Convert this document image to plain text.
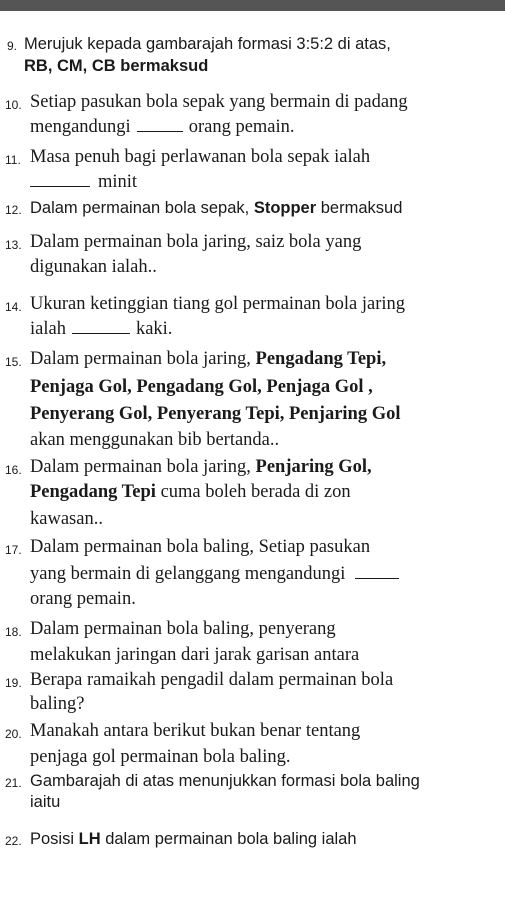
9. Merujuk kepada gambarajah formasi 3:5:2 di atas,
RB, CM, CB bermaksud
10. Setiap pasukan bola sepak yang bermain di padang
mengandungi	orang pemain.
11. Masa penuh bagi perlawanan bola sepak ialah
minit
12. Dalam permainan bola sepak, Stopper bermaksud
13. Dalam permainan bola jaring, saiz bola yang
digunakan ialah..
14. Ukuran ketinggian tiang gol permainan bola jaring
ialah	kaki.
15. Dalam permainan bola jaring, Pengadang Tepi,
Penjaga Gol, Pengadang Gol, Penjaga Gol ,
Penyerang Gol, Penyerang Tepi, Penjaring Gol
akan menggunakan bib bertanda..
16. Dalam permainan bola jaring, Penjaring Gol,
Pengadang Tepi cuma boleh berada di zon
kawasan..
17. Dalam permainan bola baling, Setiap pasukan
yang bermain di gelanggang mengandungi
orang pemain.
18. Dalam permainan bola baling, penyerang
melakukan jaringan dari jarak garisan antara
19. Berapa ramaikah pengadil dalam permainan bola
baling?
20. Manakah antara berikut bukan benar tentang
penjaga gol permainan bola baling.
21. Gambarajah di atas menunjukkan formasi bola baling
iaitu
22. Posisi LH dalam permainan bola baling ialah
